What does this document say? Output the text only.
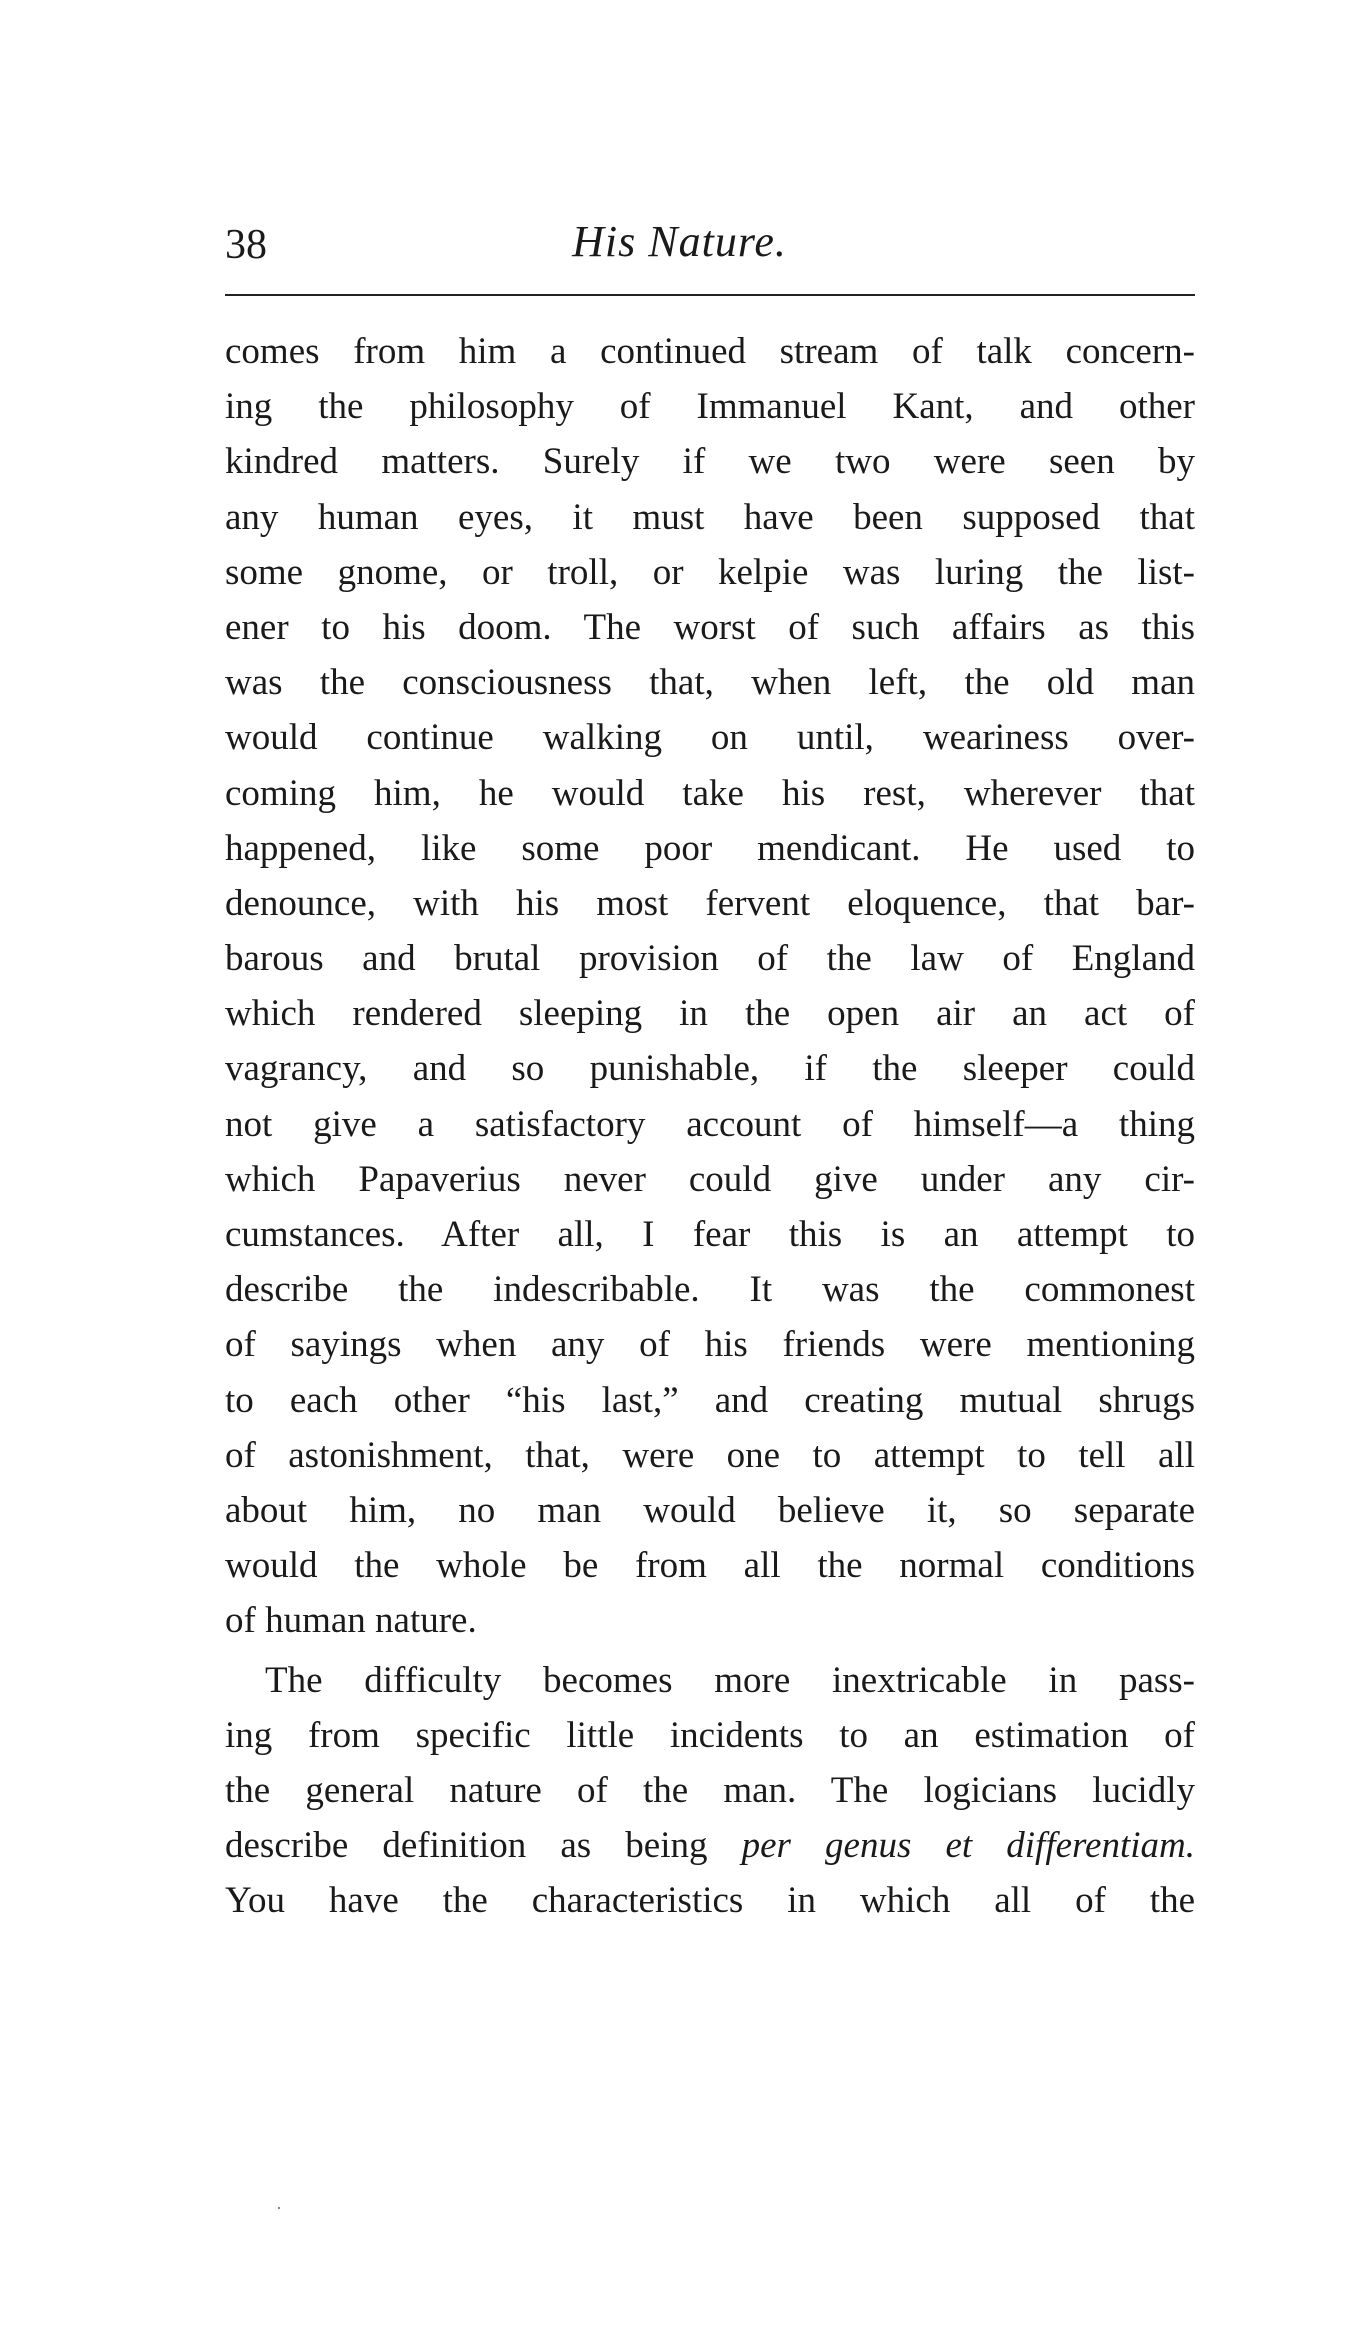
38	His Nature.
comes from him a continued stream of talk concern-
ing the philosophy of Immanuel Kant, and other
kindred matters. Surely if we two were seen by
any human eyes, it must have been supposed that
some gnome, or troll, or kelpie was luring the list-
ener to his doom. The worst of such affairs as this
was the consciousness that, when left, the old man
would continue walking on until, weariness over-
coming him, he would take his rest, wherever that
happened, like some poor mendicant. He used to
denounce, with his most fervent eloquence, that bar-
barous and brutal provision of the law of England
which rendered sleeping in the open air an act of
vagrancy, and so punishable, if the sleeper could
not give a satisfactory account of himself—a thing
which Papaverius never could give under any cir-
cumstances. After all, I fear this is an attempt to
describe the indescribable. It was the commonest
of sayings when any of his friends were mentioning
to each other “his last,” and creating mutual shrugs
of astonishment, that, were one to attempt to tell all
about him, no man would believe it, so separate
would the whole be from all the normal conditions
of human nature.
The difficulty becomes more inextricable in pass-
ing from specific little incidents to an estimation of
the general nature of the man. The logicians lucidly
describe definition as being per genus et differentiam.
You have the characteristics in which all of the
